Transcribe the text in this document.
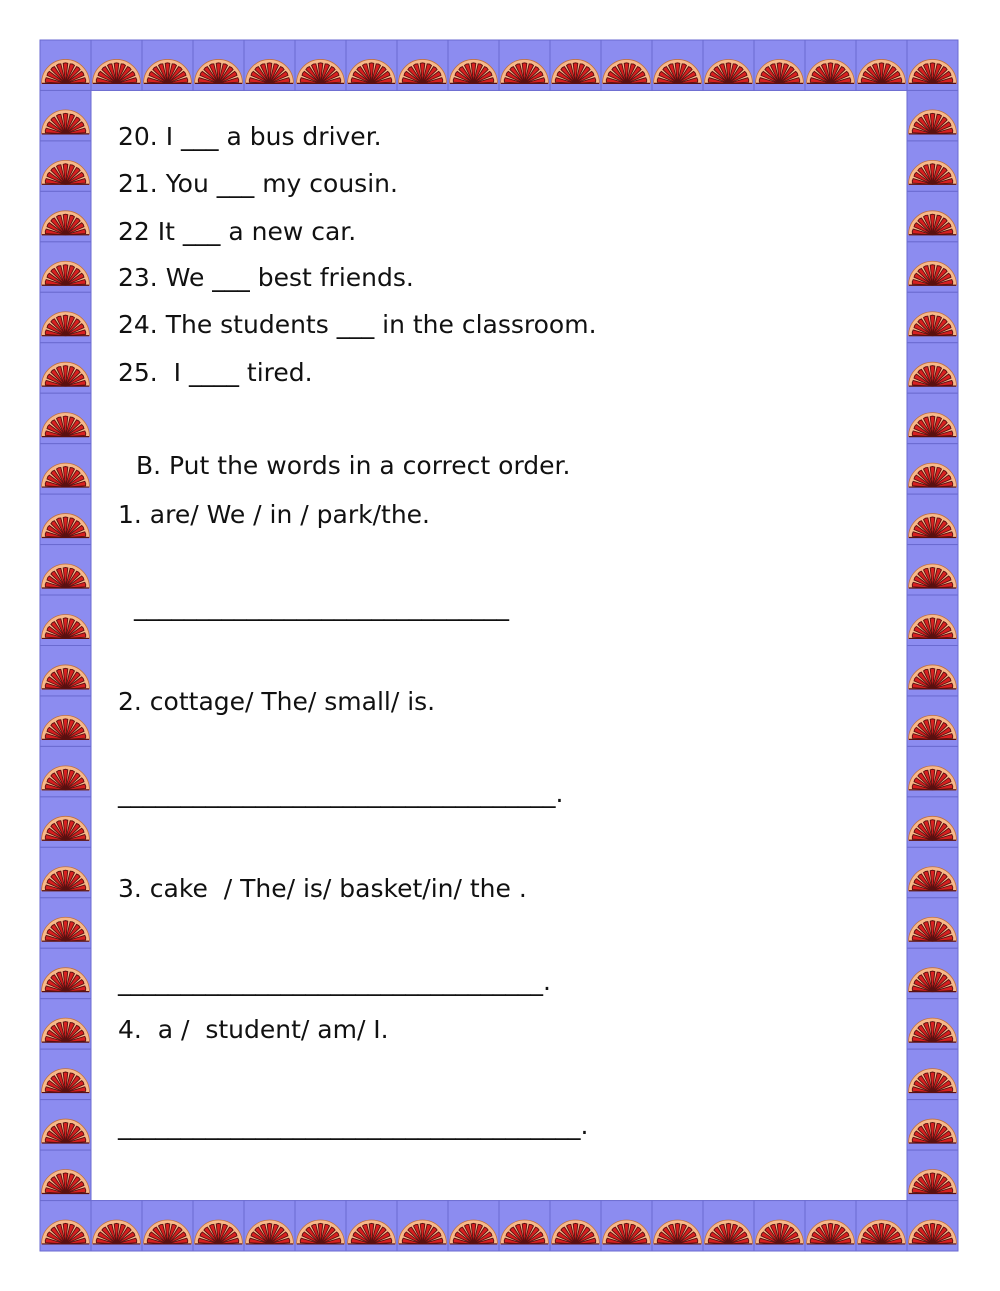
20. I ___ a bus driver.
21. You ___ my cousin.
22 It ___ a new car.
23. We ___ best friends.
24. The students ___ in the classroom.
25.  I ____ tired.
B. Put the words in a correct order.
1. are/ We / in / park/the.
______________________________
2. cottage/ The/ small/ is.
___________________________________.
3. cake  / The/ is/ basket/in/ the .
__________________________________.
4.  a /  student/ am/ I.
_____________________________________.
